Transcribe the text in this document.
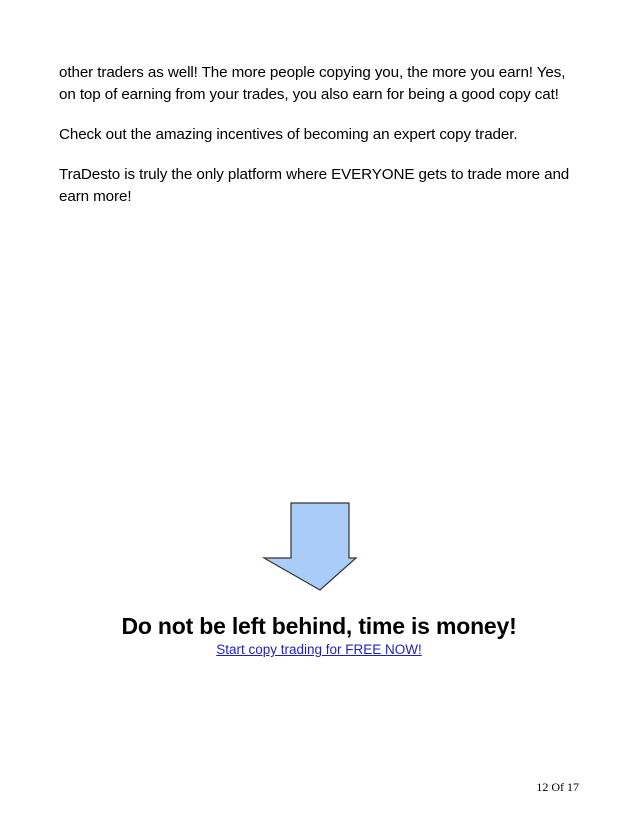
other traders as well! The more people copying you, the more you earn! Yes, on top of earning from your trades, you also earn for being a good copy cat!

Check out the amazing incentives of becoming an expert copy trader.

TraDesto is truly the only platform where EVERYONE gets to trade more and earn more!

Do not be left behind, time is money!
Start copy trading for FREE NOW!
12 Of 17
